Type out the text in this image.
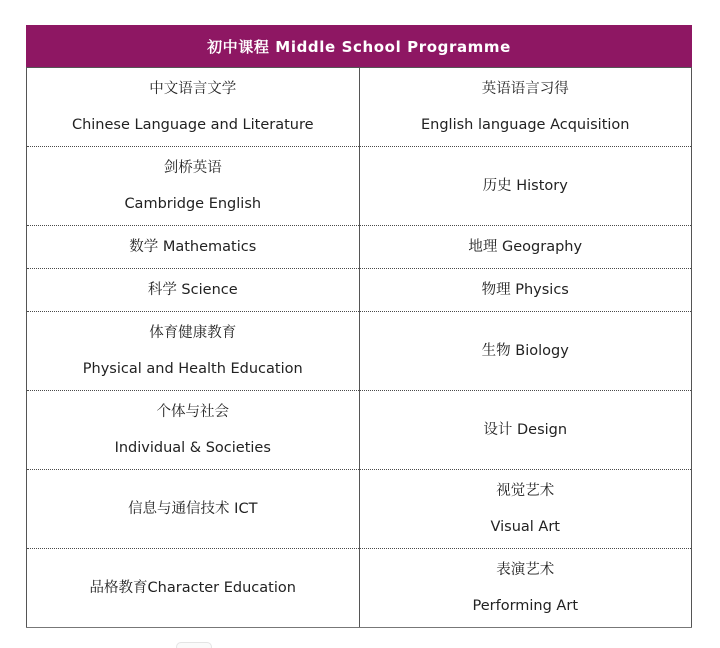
初中课程 Middle School Programme	

中文语言文学
Chinese Language and Literature	英语语言习得
English language Acquisition

剑桥英语
Cambridge English	历史 History

数学 Mathematics	地理 Geography

科学 Science	物理 Physics

体育健康教育
Physical and Health Education	生物 Biology

个体与社会
Individual & Societies	设计 Design

信息与通信技术 ICT	视觉艺术
Visual Art

品格教育Character Education	表演艺术
Performing Art
